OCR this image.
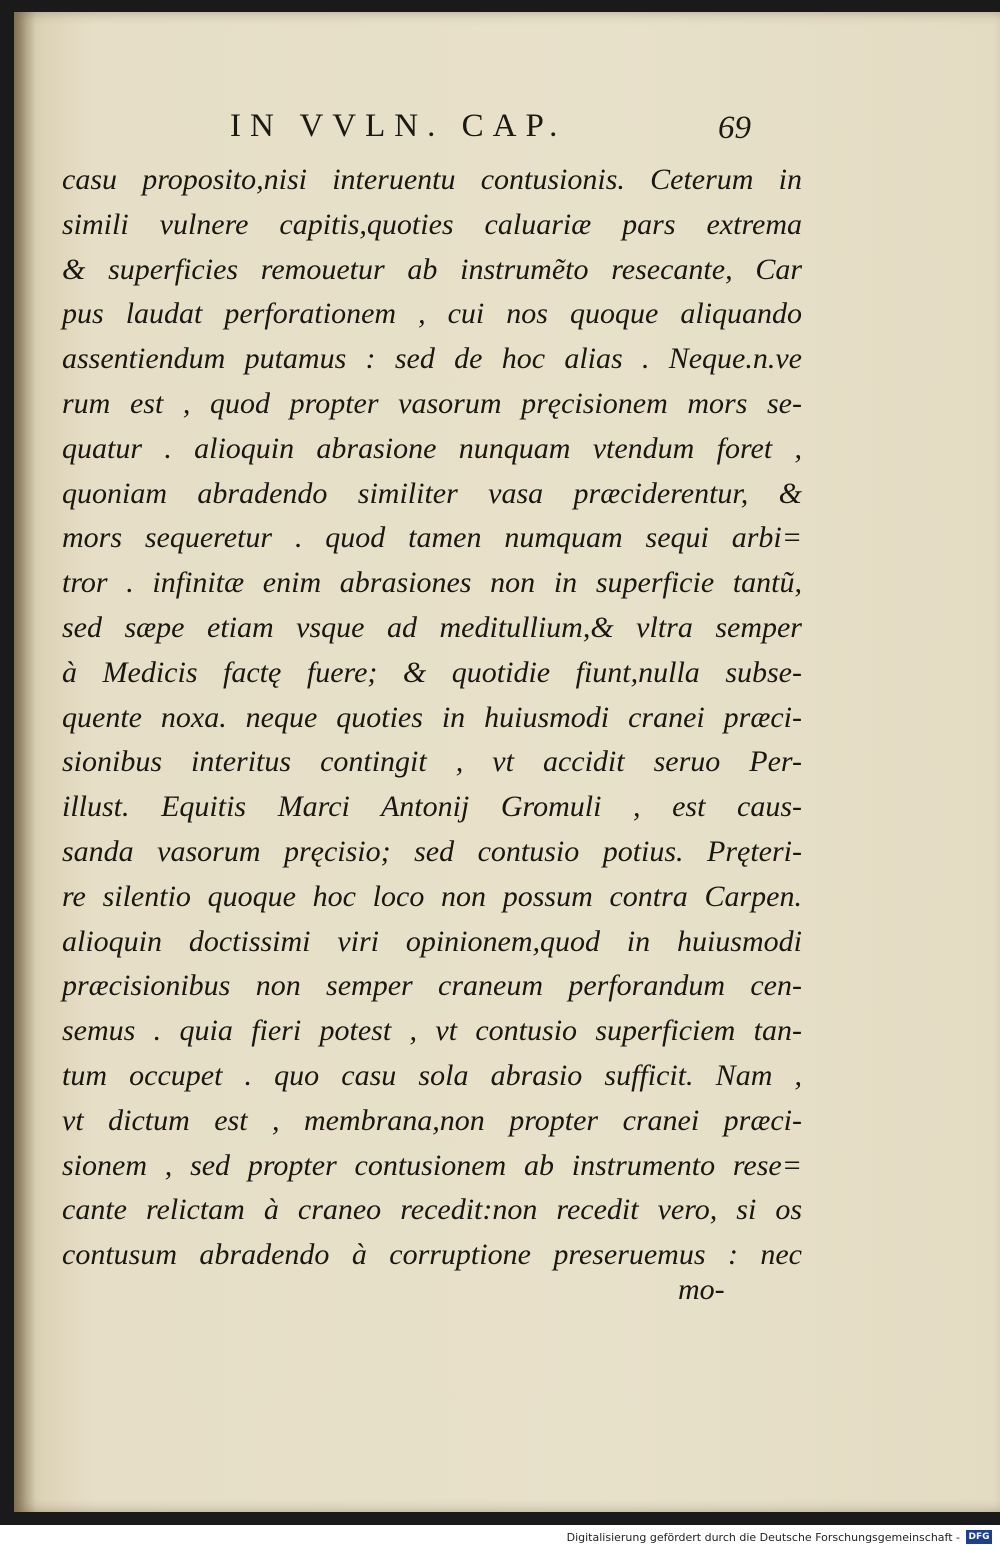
IN VVLN. CAP.	69
casu proposito,nisi interuentu contusionis. Ceterum in
simili vulnere capitis,quoties caluariæ pars extrema
& superficies remouetur ab instrumẽto resecante, Car
pus laudat perforationem , cui nos quoque aliquando
assentiendum putamus : sed de hoc alias . Neque.n.ve
rum est , quod propter vasorum pręcisionem mors se-
quatur . alioquin abrasione nunquam vtendum foret ,
quoniam abradendo similiter vasa præciderentur, &
mors sequeretur . quod tamen numquam sequi arbi=
tror . infinitæ enim abrasiones non in superficie tantũ,
sed sæpe etiam vsque ad meditullium,& vltra semper
à Medicis factę fuere; & quotidie fiunt,nulla subse-
quente noxa. neque quoties in huiusmodi cranei præci-
sionibus interitus contingit , vt accidit seruo Per-
illust. Equitis Marci Antonij Gromuli , est caus-
sanda vasorum pręcisio; sed contusio potius. Pręteri-
re silentio quoque hoc loco non possum contra Carpen.
alioquin doctissimi viri opinionem,quod in huiusmodi
præcisionibus non semper craneum perforandum cen-
semus . quia fieri potest , vt contusio superficiem tan-
tum occupet . quo casu sola abrasio sufficit. Nam ,
vt dictum est , membrana,non propter cranei præci-
sionem , sed propter contusionem ab instrumento rese=
cante relictam à craneo recedit:non recedit vero, si os
contusum abradendo à corruptione preseruemus : nec
mo-
Digitalisierung gefördert durch die Deutsche Forschungsgemeinschaft - DFG
